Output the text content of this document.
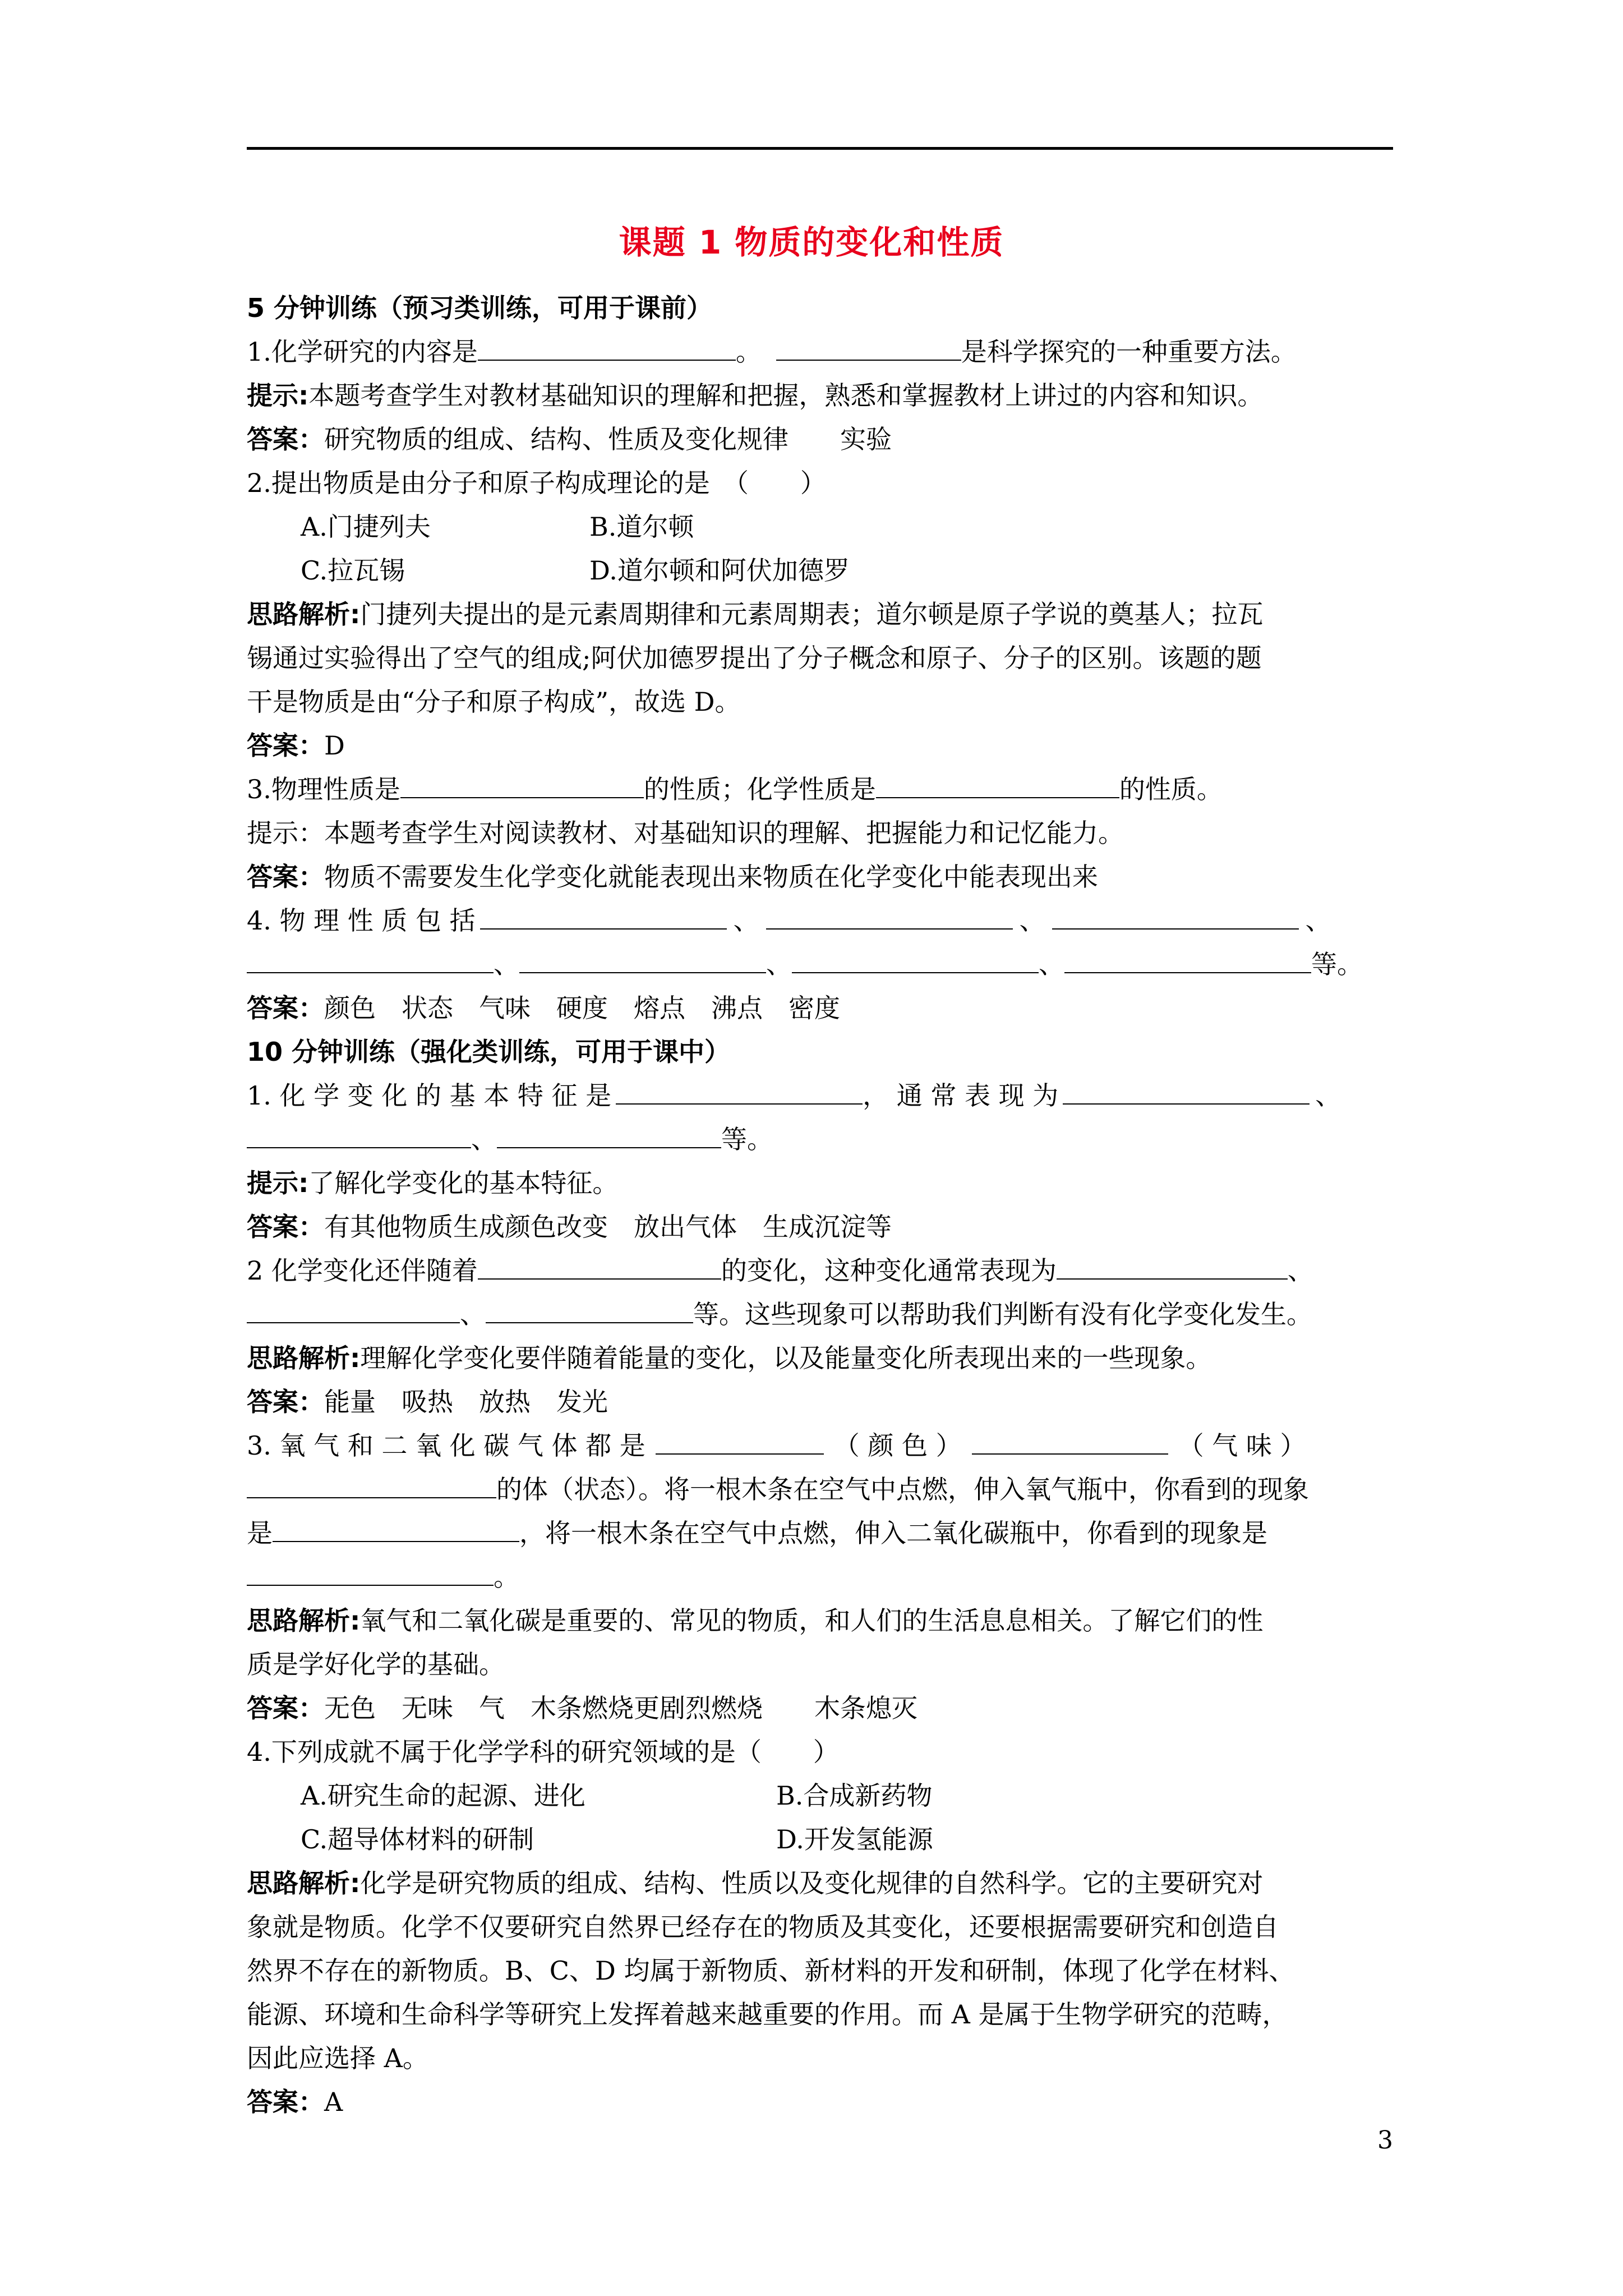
课题 1 物质的变化和性质
5 分钟训练（预习类训练，可用于课前）
1.化学研究的内容是	。	是科学探究的一种重要方法。
提示:本题考查学生对教材基础知识的理解和把握，熟悉和掌握教材上讲过的内容和知识。
答案：研究物质的组成、结构、性质及变化规律　　实验
2.提出物质是由分子和原子构成理论的是　（　　）
A.门捷列夫	B.道尔顿
C.拉瓦锡	D.道尔顿和阿伏加德罗
思路解析:门捷列夫提出的是元素周期律和元素周期表；道尔顿是原子学说的奠基人；拉瓦
锡通过实验得出了空气的组成;阿伏加德罗提出了分子概念和原子、分子的区别。该题的题
干是物质是由“分子和原子构成”，故选 D。
答案：D
3.物理性质是	的性质；化学性质是	的性质。
提示：本题考查学生对阅读教材、对基础知识的理解、把握能力和记忆能力。
答案：物质不需要发生化学变化就能表现出来物质在化学变化中能表现出来
4. 物 理 性 质 包 括	、	、	、
、	、	、	等。
答案：颜色　状态　气味　硬度　熔点　沸点　密度
10 分钟训练（强化类训练，可用于课中）
1. 化 学 变 化 的 基 本 特 征 是	， 通 常 表 现 为	、
、	等。
提示:了解化学变化的基本特征。
答案：有其他物质生成颜色改变　放出气体　生成沉淀等
2 化学变化还伴随着	的变化，这种变化通常表现为	、
、	等。这些现象可以帮助我们判断有没有化学变化发生。
思路解析:理解化学变化要伴随着能量的变化，以及能量变化所表现出来的一些现象。
答案：能量　吸热　放热　发光
3. 氧 气 和 二 氧 化 碳 气 体 都 是	（ 颜 色 ）	（ 气 味 ）
的体（状态）。将一根木条在空气中点燃，伸入氧气瓶中，你看到的现象
是	，将一根木条在空气中点燃，伸入二氧化碳瓶中，你看到的现象是
。
思路解析:氧气和二氧化碳是重要的、常见的物质，和人们的生活息息相关。了解它们的性
质是学好化学的基础。
答案：无色　无味　气　木条燃烧更剧烈燃烧　　木条熄灭
4.下列成就不属于化学学科的研究领域的是（　　）
A.研究生命的起源、进化	B.合成新药物
C.超导体材料的研制	D.开发氢能源
思路解析:化学是研究物质的组成、结构、性质以及变化规律的自然科学。它的主要研究对
象就是物质。化学不仅要研究自然界已经存在的物质及其变化，还要根据需要研究和创造自
然界不存在的新物质。B、C、D 均属于新物质、新材料的开发和研制，体现了化学在材料、
能源、环境和生命科学等研究上发挥着越来越重要的作用。而 A 是属于生物学研究的范畴，
因此应选择 A。
答案：A
3
